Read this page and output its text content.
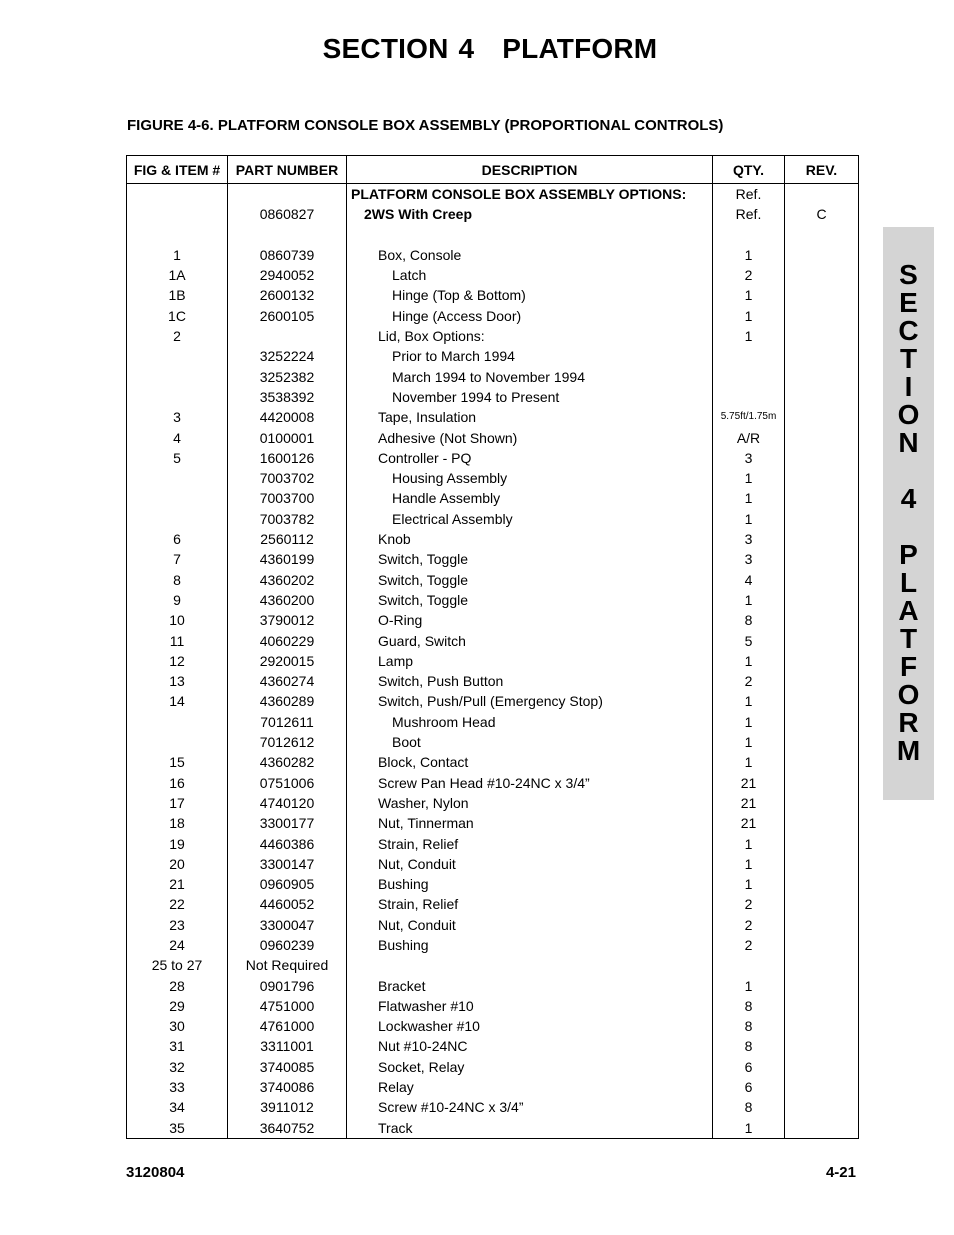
SECTION 4 PLATFORM
FIGURE 4-6. PLATFORM CONSOLE BOX ASSEMBLY (PROPORTIONAL CONTROLS)
FIG & ITEM #	PART NUMBER	DESCRIPTION	QTY.	REV.
		PLATFORM CONSOLE BOX ASSEMBLY OPTIONS:	Ref.	
	0860827	2WS With Creep	Ref.	C

1	0860739	Box, Console	1	
1A	2940052	Latch	2	
1B	2600132	Hinge (Top & Bottom)	1	
1C	2600105	Hinge (Access Door)	1	
2		Lid, Box Options:	1	
	3252224	Prior to March 1994		
	3252382	March 1994 to November 1994		
	3538392	November 1994 to Present		
3	4420008	Tape, Insulation	5.75ft/1.75m	
4	0100001	Adhesive (Not Shown)	A/R	
5	1600126	Controller - PQ	3	
	7003702	Housing Assembly	1	
	7003700	Handle Assembly	1	
	7003782	Electrical Assembly	1	
6	2560112	Knob	3	
7	4360199	Switch, Toggle	3	
8	4360202	Switch, Toggle	4	
9	4360200	Switch, Toggle	1	
10	3790012	O-Ring	8	
11	4060229	Guard, Switch	5	
12	2920015	Lamp	1	
13	4360274	Switch, Push Button	2	
14	4360289	Switch, Push/Pull (Emergency Stop)	1	
	7012611	Mushroom Head	1	
	7012612	Boot	1	
15	4360282	Block, Contact	1	
16	0751006	Screw Pan Head #10-24NC x 3/4”	21	
17	4740120	Washer, Nylon	21	
18	3300177	Nut, Tinnerman	21	
19	4460386	Strain, Relief	1	
20	3300147	Nut, Conduit	1	
21	0960905	Bushing	1	
22	4460052	Strain, Relief	2	
23	3300047	Nut, Conduit	2	
24	0960239	Bushing	2	
25 to 27	Not Required			
28	0901796	Bracket	1	
29	4751000	Flatwasher #10	8	
30	4761000	Lockwasher #10	8	
31	3311001	Nut #10-24NC	8	
32	3740085	Socket, Relay	6	
33	3740086	Relay	6	
34	3911012	Screw #10-24NC x 3/4”	8	
35	3640752	Track	1	
3120804	4-21
S
E
C
T
I
O
N

4

P
L
A
T
F
O
R
M
